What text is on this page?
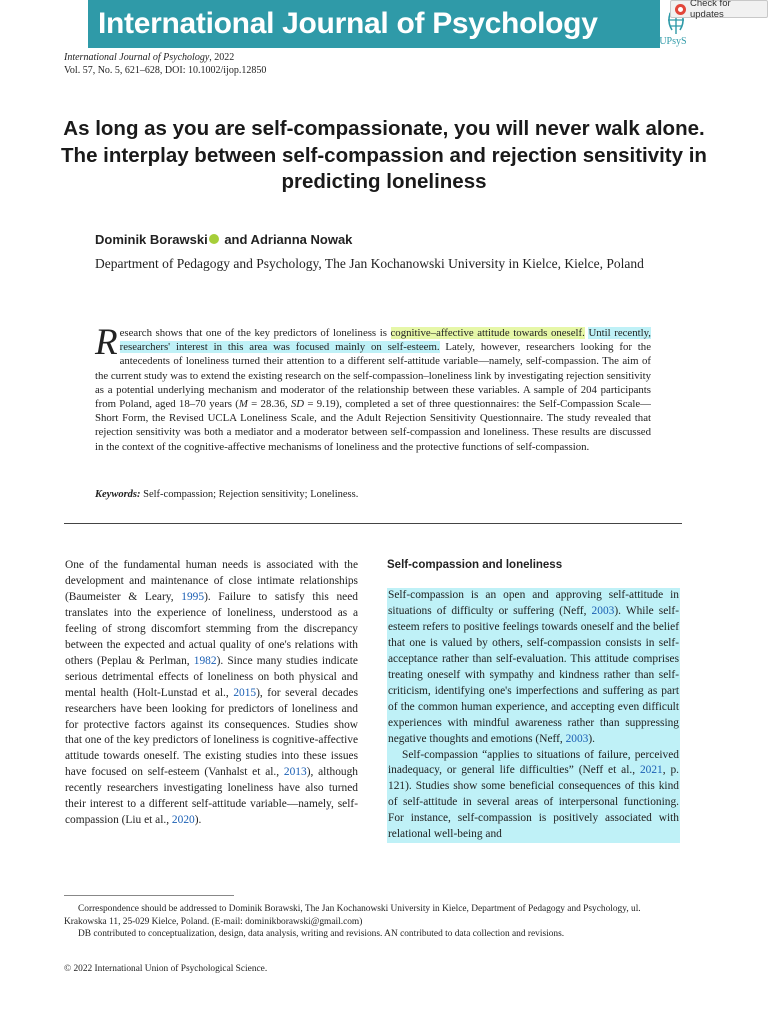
International Journal of Psychology
IUPsyS
Check for updates
International Journal of Psychology, 2022
Vol. 57, No. 5, 621–628, DOI: 10.1002/ijop.12850
As long as you are self-compassionate, you will never walk alone. The interplay between self-compassion and rejection sensitivity in predicting loneliness
Dominik Borawski and Adrianna Nowak
Department of Pedagogy and Psychology, The Jan Kochanowski University in Kielce, Kielce, Poland
Research shows that one of the key predictors of loneliness is cognitive–affective attitude towards oneself. Until recently, researchers' interest in this area was focused mainly on self-esteem. Lately, however, researchers looking for the antecedents of loneliness turned their attention to a different self-attitude variable—namely, self-compassion. The aim of the current study was to extend the existing research on the self-compassion–loneliness link by investigating rejection sensitivity as a potential underlying mechanism and moderator of the relationship between these variables. A sample of 204 participants from Poland, aged 18–70 years (M = 28.36, SD = 9.19), completed a set of three questionnaires: the Self-Compassion Scale—Short Form, the Revised UCLA Loneliness Scale, and the Adult Rejection Sensitivity Questionnaire. The study revealed that rejection sensitivity was both a mediator and a moderator between self-compassion and loneliness. These results are discussed in the context of the cognitive-affective mechanisms of loneliness and the protective functions of self-compassion.
Keywords: Self-compassion; Rejection sensitivity; Loneliness.
One of the fundamental human needs is associated with the development and maintenance of close intimate relationships (Baumeister & Leary, 1995). Failure to satisfy this need translates into the experience of loneliness, understood as a feeling of strong discomfort stemming from the discrepancy between the expected and actual quality of one's relations with others (Peplau & Perlman, 1982). Since many studies indicate serious detrimental effects of loneliness on both physical and mental health (Holt-Lunstad et al., 2015), for several decades researchers have been looking for predictors of loneliness and for protective factors against its consequences. Studies show that one of the key predictors of loneliness is cognitive-affective attitude towards oneself. The existing studies into these issues have focused on self-esteem (Vanhalst et al., 2013), although recently researchers investigating loneliness have also turned their interest to a different self-attitude variable—namely, self-compassion (Liu et al., 2020).
Self-compassion and loneliness

Self-compassion is an open and approving self-attitude in situations of difficulty or suffering (Neff, 2003). While self-esteem refers to positive feelings towards oneself and the belief that one is valued by others, self-compassion consists in self-acceptance rather than self-evaluation. This attitude comprises treating oneself with sympathy and kindness rather than self-criticism, identifying one's imperfections and suffering as part of the common human experience, and accepting even difficult experiences with mindful awareness rather than suppressing negative thoughts and emotions (Neff, 2003).

Self-compassion “applies to situations of failure, perceived inadequacy, or general life difficulties” (Neff et al., 2021, p. 121). Studies show some beneficial consequences of this kind of self-attitude in several areas of interpersonal functioning. For instance, self-compassion is positively associated with relational well-being and

Correspondence should be addressed to Dominik Borawski, The Jan Kochanowski University in Kielce, Department of Pedagogy and Psychology, ul. Krakowska 11, 25-029 Kielce, Poland. (E-mail: dominikborawski@gmail.com)

DB contributed to conceptualization, design, data analysis, writing and revisions. AN contributed to data collection and revisions.

© 2022 International Union of Psychological Science.
